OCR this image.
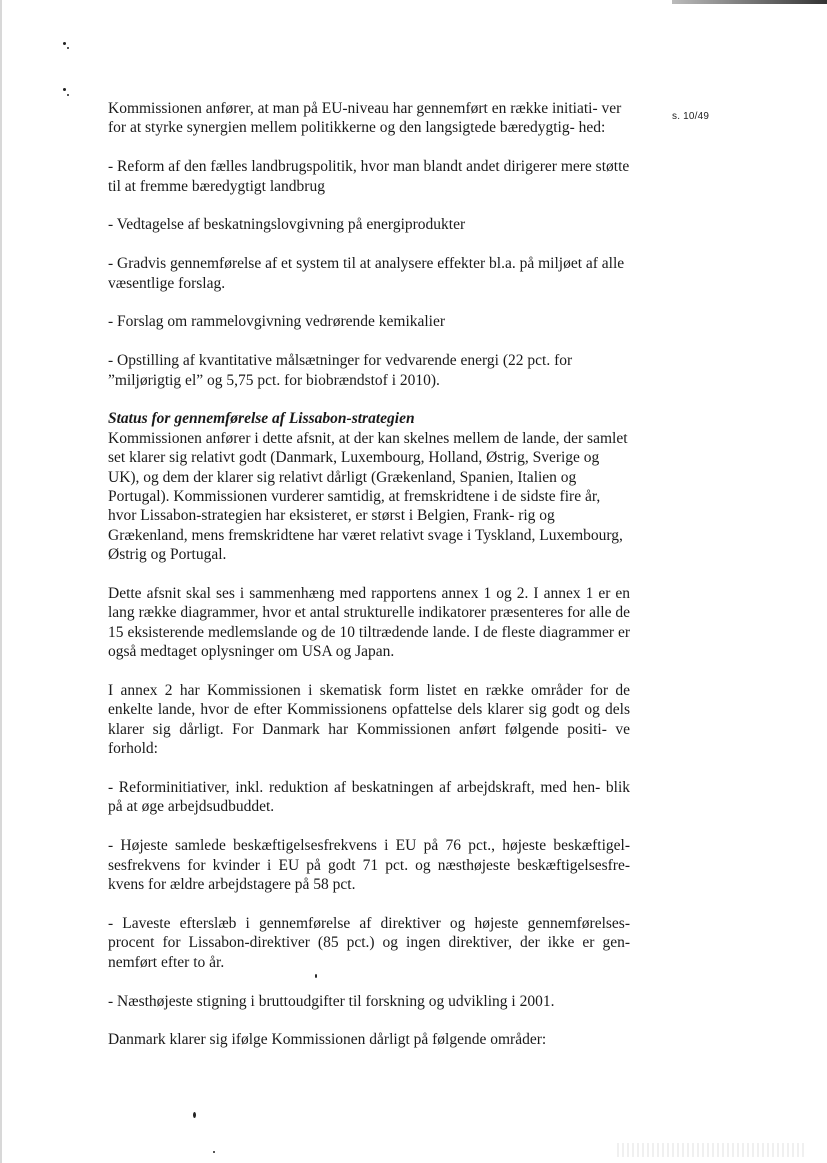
s. 10/49

Kommissionen anfører, at man på EU-niveau har gennemført en række initiati- ver for at styrke synergien mellem politikkerne og den langsigtede bæredygtig- hed:

- Reform af den fælles landbrugspolitik, hvor man blandt andet dirigerer mere støtte til at fremme bæredygtigt landbrug

- Vedtagelse af beskatningslovgivning på energiprodukter

- Gradvis gennemførelse af et system til at analysere effekter bl.a. på miljøet af alle væsentlige forslag.

- Forslag om rammelovgivning vedrørende kemikalier

- Opstilling af kvantitative målsætninger for vedvarende energi (22 pct. for ”miljørigtig el” og 5,75 pct. for biobrændstof i 2010).

Status for gennemførelse af Lissabon-strategien
Kommissionen anfører i dette afsnit, at der kan skelnes mellem de lande, der samlet set klarer sig relativt godt (Danmark, Luxembourg, Holland, Østrig, Sverige og UK), og dem der klarer sig relativt dårligt (Grækenland, Spanien, Italien og Portugal). Kommissionen vurderer samtidig, at fremskridtene i de sidste fire år, hvor Lissabon-strategien har eksisteret, er størst i Belgien, Frank- rig og Grækenland, mens fremskridtene har været relativt svage i Tyskland, Luxembourg, Østrig og Portugal.

Dette afsnit skal ses i sammenhæng med rapportens annex 1 og 2. I annex 1 er en lang række diagrammer, hvor et antal strukturelle indikatorer præsenteres for alle de 15 eksisterende medlemslande og de 10 tiltrædende lande. I de fleste diagrammer er også medtaget oplysninger om USA og Japan.

I annex 2 har Kommissionen i skematisk form listet en række områder for de enkelte lande, hvor de efter Kommissionens opfattelse dels klarer sig godt og dels klarer sig dårligt. For Danmark har Kommissionen anført følgende positi- ve forhold:

- Reforminitiativer, inkl. reduktion af beskatningen af arbejdskraft, med hen- blik på at øge arbejdsudbuddet.

- Højeste samlede beskæftigelsesfrekvens i EU på 76 pct., højeste beskæftigel- sesfrekvens for kvinder i EU på godt 71 pct. og næsthøjeste beskæftigelsesfre- kvens for ældre arbejdstagere på 58 pct.

- Laveste efterslæb i gennemførelse af direktiver og højeste gennemførelses- procent for Lissabon-direktiver (85 pct.) og ingen direktiver, der ikke er gen- nemført efter to år.

- Næsthøjeste stigning i bruttoudgifter til forskning og udvikling i 2001.

Danmark klarer sig ifølge Kommissionen dårligt på følgende områder:
